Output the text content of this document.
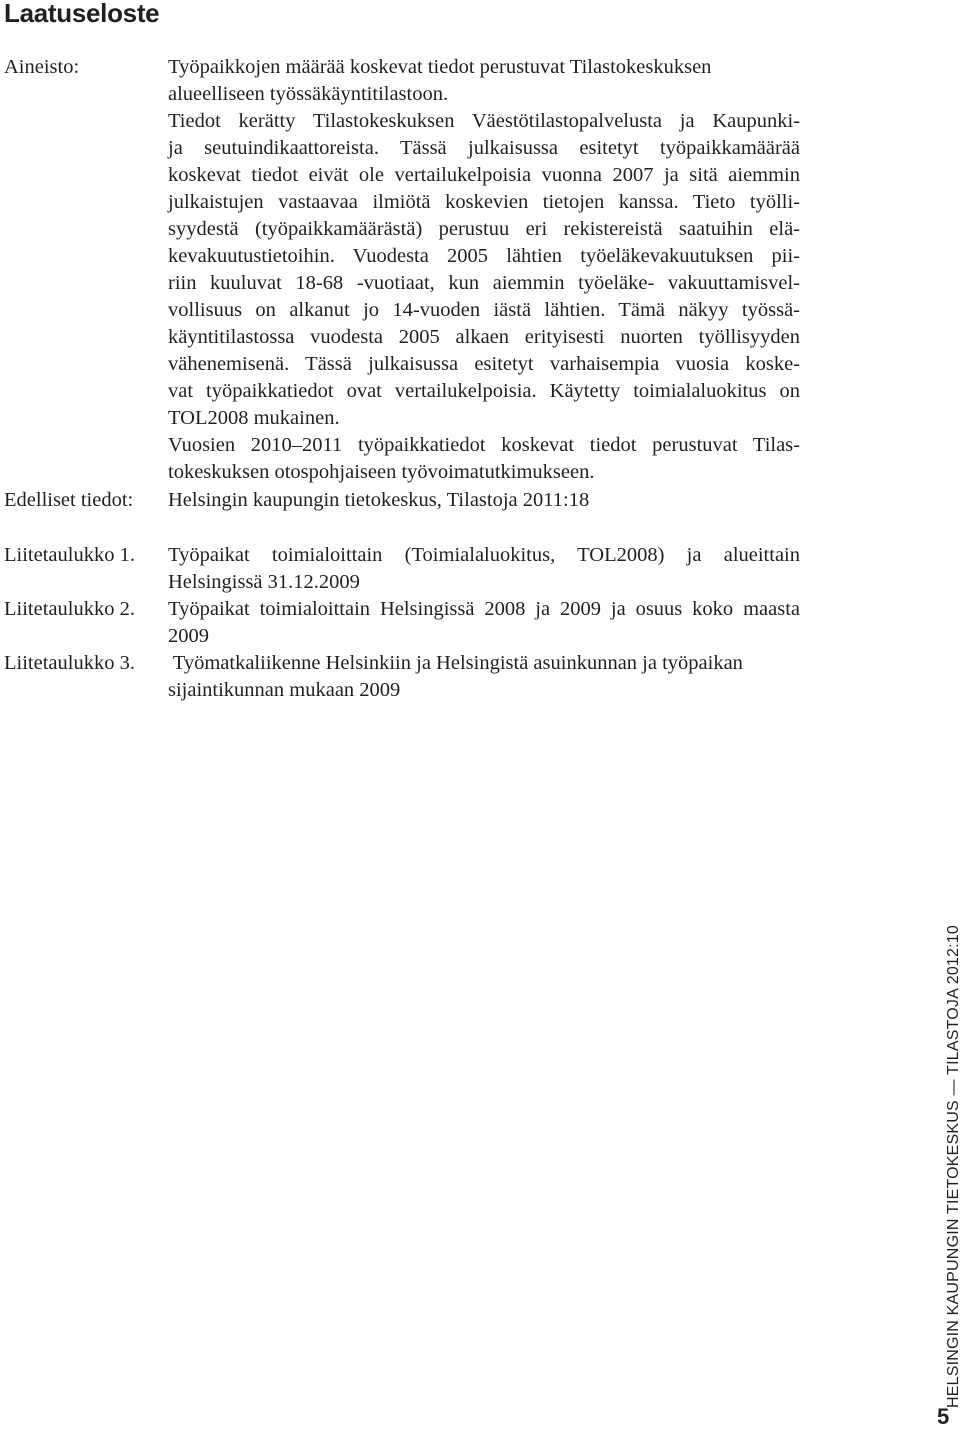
Laatuseloste
Aineisto:	Työpaikkojen määrää koskevat tiedot perustuvat Tilastokeskuksen
alueelliseen työssäkäyntitilastoon.
Tiedot kerätty Tilastokeskuksen Väestötilastopalvelusta ja Kaupunki-
ja seutuindikaattoreista. Tässä julkaisussa esitetyt työpaikkamäärää
koskevat tiedot eivät ole vertailukelpoisia vuonna 2007 ja sitä aiemmin
julkaistujen vastaavaa ilmiötä koskevien tietojen kanssa. Tieto työlli-
syydestä (työpaikkamäärästä) perustuu eri rekistereistä saatuihin elä-
kevakuutustietoihin. Vuodesta 2005 lähtien työeläkevakuutuksen pii-
riin kuuluvat 18-68 -vuotiaat, kun aiemmin työeläke- vakuuttamisvel-
vollisuus on alkanut jo 14-vuoden iästä lähtien. Tämä näkyy työssä-
käyntitilastossa vuodesta 2005 alkaen erityisesti nuorten työllisyyden
vähenemisenä. Tässä julkaisussa esitetyt varhaisempia vuosia koske-
vat työpaikkatiedot ovat vertailukelpoisia. Käytetty toimialaluokitus on
TOL2008 mukainen.
Vuosien 2010–2011 työpaikkatiedot koskevat tiedot perustuvat Tilas-
tokeskuksen otospohjaiseen työvoimatutkimukseen.
Edelliset tiedot: Helsingin kaupungin tietokeskus, Tilastoja 2011:18
Liitetaulukko 1. Työpaikat toimialoittain (Toimialaluokitus, TOL2008) ja alueittain
Helsingissä 31.12.2009
Liitetaulukko 2. Työpaikat toimialoittain Helsingissä 2008 ja 2009 ja osuus koko maasta
2009
Liitetaulukko 3. Työmatkaliikenne Helsinkiin ja Helsingistä asuinkunnan ja työpaikan
sijaintikunnan mukaan 2009
HELSINGIN KAUPUNGIN TIETOKESKUS — TILASTOJA 2012:10
5
